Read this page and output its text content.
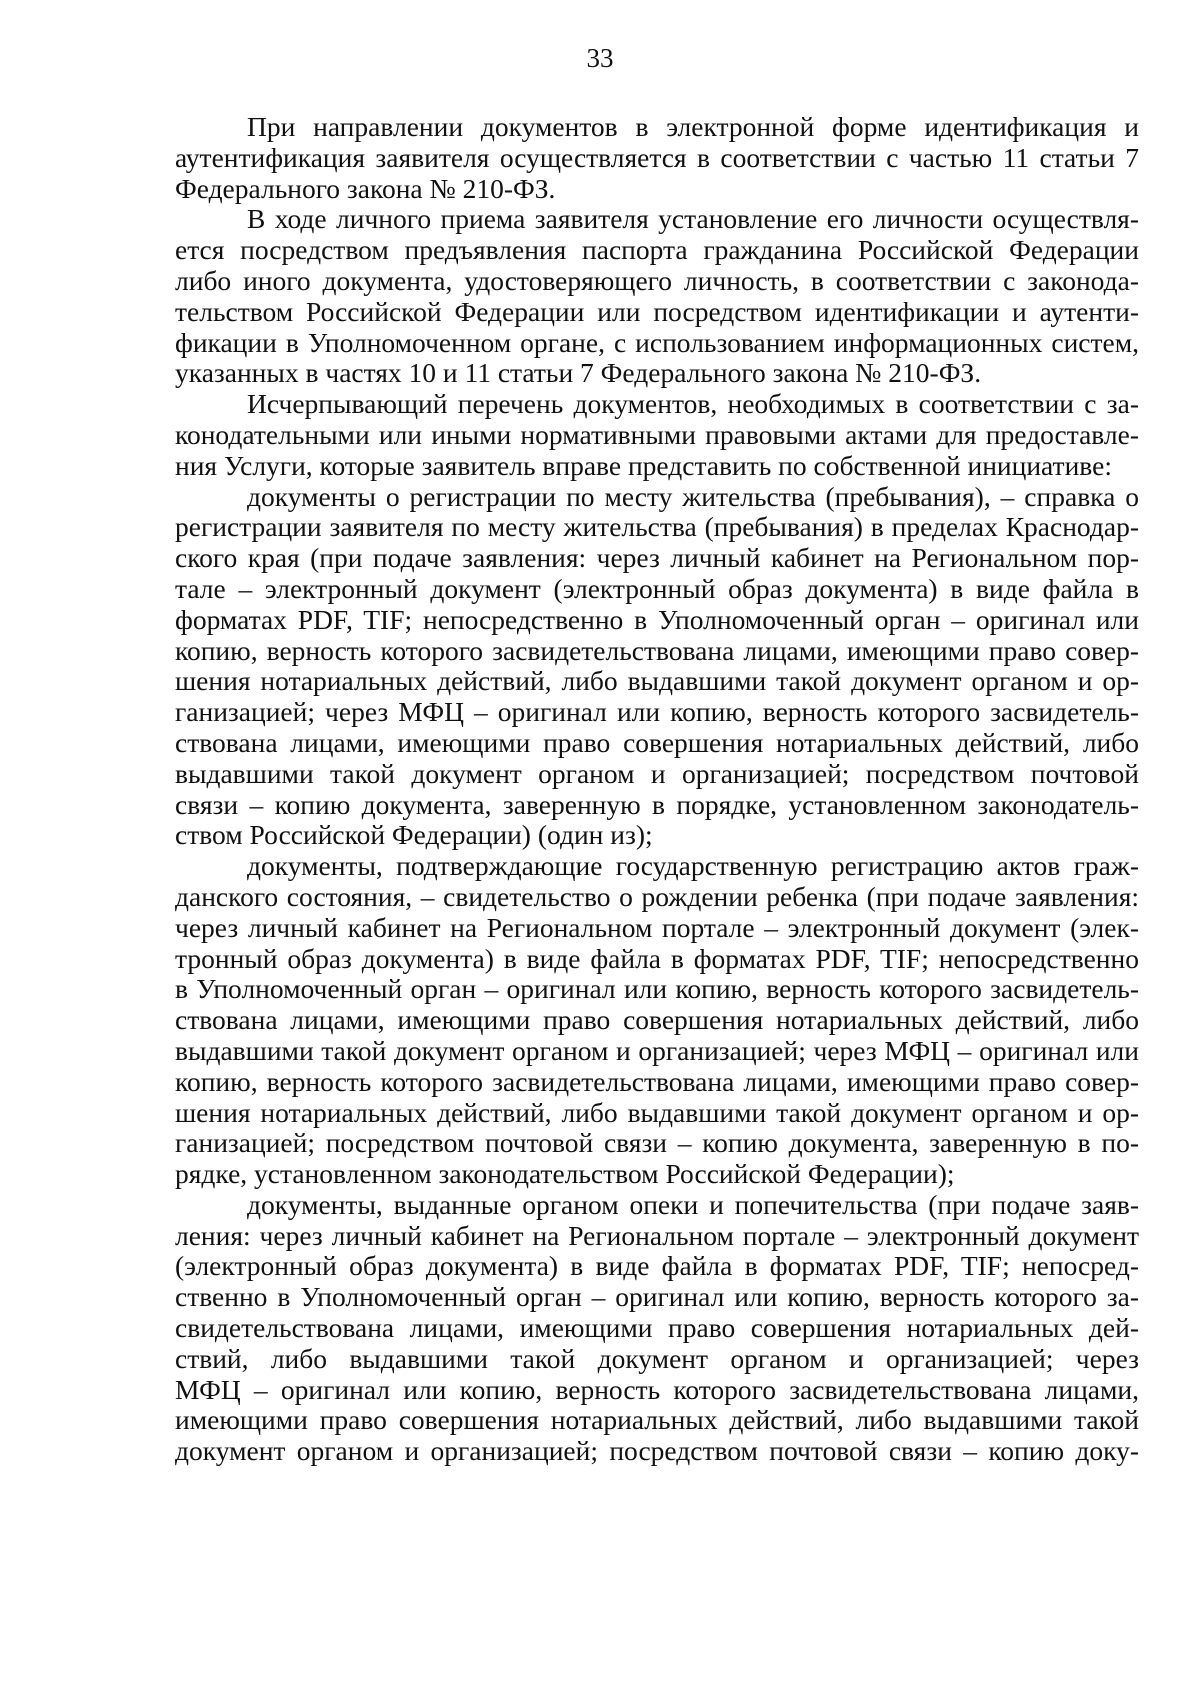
33
При направлении документов в электронной форме идентификация и
аутентификация заявителя осуществляется в соответствии с частью 11 статьи 7
Федерального закона № 210-ФЗ.
В ходе личного приема заявителя установление его личности осуществля-
ется посредством предъявления паспорта гражданина Российской Федерации
либо иного документа, удостоверяющего личность, в соответствии с законода-
тельством Российской Федерации или посредством идентификации и аутенти-
фикации в Уполномоченном органе, с использованием информационных систем,
указанных в частях 10 и 11 статьи 7 Федерального закона № 210-ФЗ.
Исчерпывающий перечень документов, необходимых в соответствии с за-
конодательными или иными нормативными правовыми актами для предоставле-
ния Услуги, которые заявитель вправе представить по собственной инициативе:
документы о регистрации по месту жительства (пребывания), – справка о
регистрации заявителя по месту жительства (пребывания) в пределах Краснодар-
ского края (при подаче заявления: через личный кабинет на Региональном пор-
тале – электронный документ (электронный образ документа) в виде файла в
форматах PDF, TIF; непосредственно в Уполномоченный орган – оригинал или
копию, верность которого засвидетельствована лицами, имеющими право совер-
шения нотариальных действий, либо выдавшими такой документ органом и ор-
ганизацией; через МФЦ – оригинал или копию, верность которого засвидетель-
ствована лицами, имеющими право совершения нотариальных действий, либо
выдавшими такой документ органом и организацией; посредством почтовой
связи – копию документа, заверенную в порядке, установленном законодатель-
ством Российской Федерации) (один из);
документы, подтверждающие государственную регистрацию актов граж-
данского состояния, – свидетельство о рождении ребенка (при подаче заявления:
через личный кабинет на Региональном портале – электронный документ (элек-
тронный образ документа) в виде файла в форматах PDF, TIF; непосредственно
в Уполномоченный орган – оригинал или копию, верность которого засвидетель-
ствована лицами, имеющими право совершения нотариальных действий, либо
выдавшими такой документ органом и организацией; через МФЦ – оригинал или
копию, верность которого засвидетельствована лицами, имеющими право совер-
шения нотариальных действий, либо выдавшими такой документ органом и ор-
ганизацией; посредством почтовой связи – копию документа, заверенную в по-
рядке, установленном законодательством Российской Федерации);
документы, выданные органом опеки и попечительства (при подаче заяв-
ления: через личный кабинет на Региональном портале – электронный документ
(электронный образ документа) в виде файла в форматах PDF, TIF; непосред-
ственно в Уполномоченный орган – оригинал или копию, верность которого за-
свидетельствована лицами, имеющими право совершения нотариальных дей-
ствий, либо выдавшими такой документ органом и организацией; через
МФЦ – оригинал или копию, верность которого засвидетельствована лицами,
имеющими право совершения нотариальных действий, либо выдавшими такой
документ органом и организацией; посредством почтовой связи – копию доку-
